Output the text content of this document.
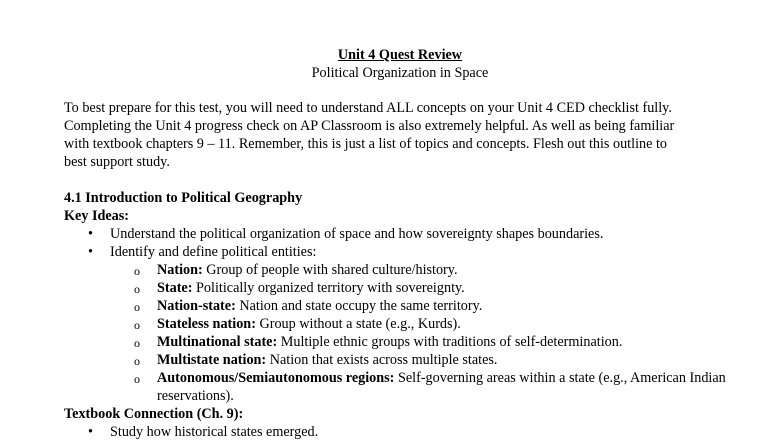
Unit 4 Quest Review
Political Organization in Space
To best prepare for this test, you will need to understand ALL concepts on your Unit 4 CED checklist fully.
Completing the Unit 4 progress check on AP Classroom is also extremely helpful. As well as being familiar
with textbook chapters 9 – 11. Remember, this is just a list of topics and concepts. Flesh out this outline to
best support study.
4.1 Introduction to Political Geography
Key Ideas:
• Understand the political organization of space and how sovereignty shapes boundaries.
• Identify and define political entities:
o Nation: Group of people with shared culture/history.
o State: Politically organized territory with sovereignty.
o Nation-state: Nation and state occupy the same territory.
o Stateless nation: Group without a state (e.g., Kurds).
o Multinational state: Multiple ethnic groups with traditions of self-determination.
o Multistate nation: Nation that exists across multiple states.
o Autonomous/Semiautonomous regions: Self-governing areas within a state (e.g., American Indian reservations).
Textbook Connection (Ch. 9):
• Study how historical states emerged.
